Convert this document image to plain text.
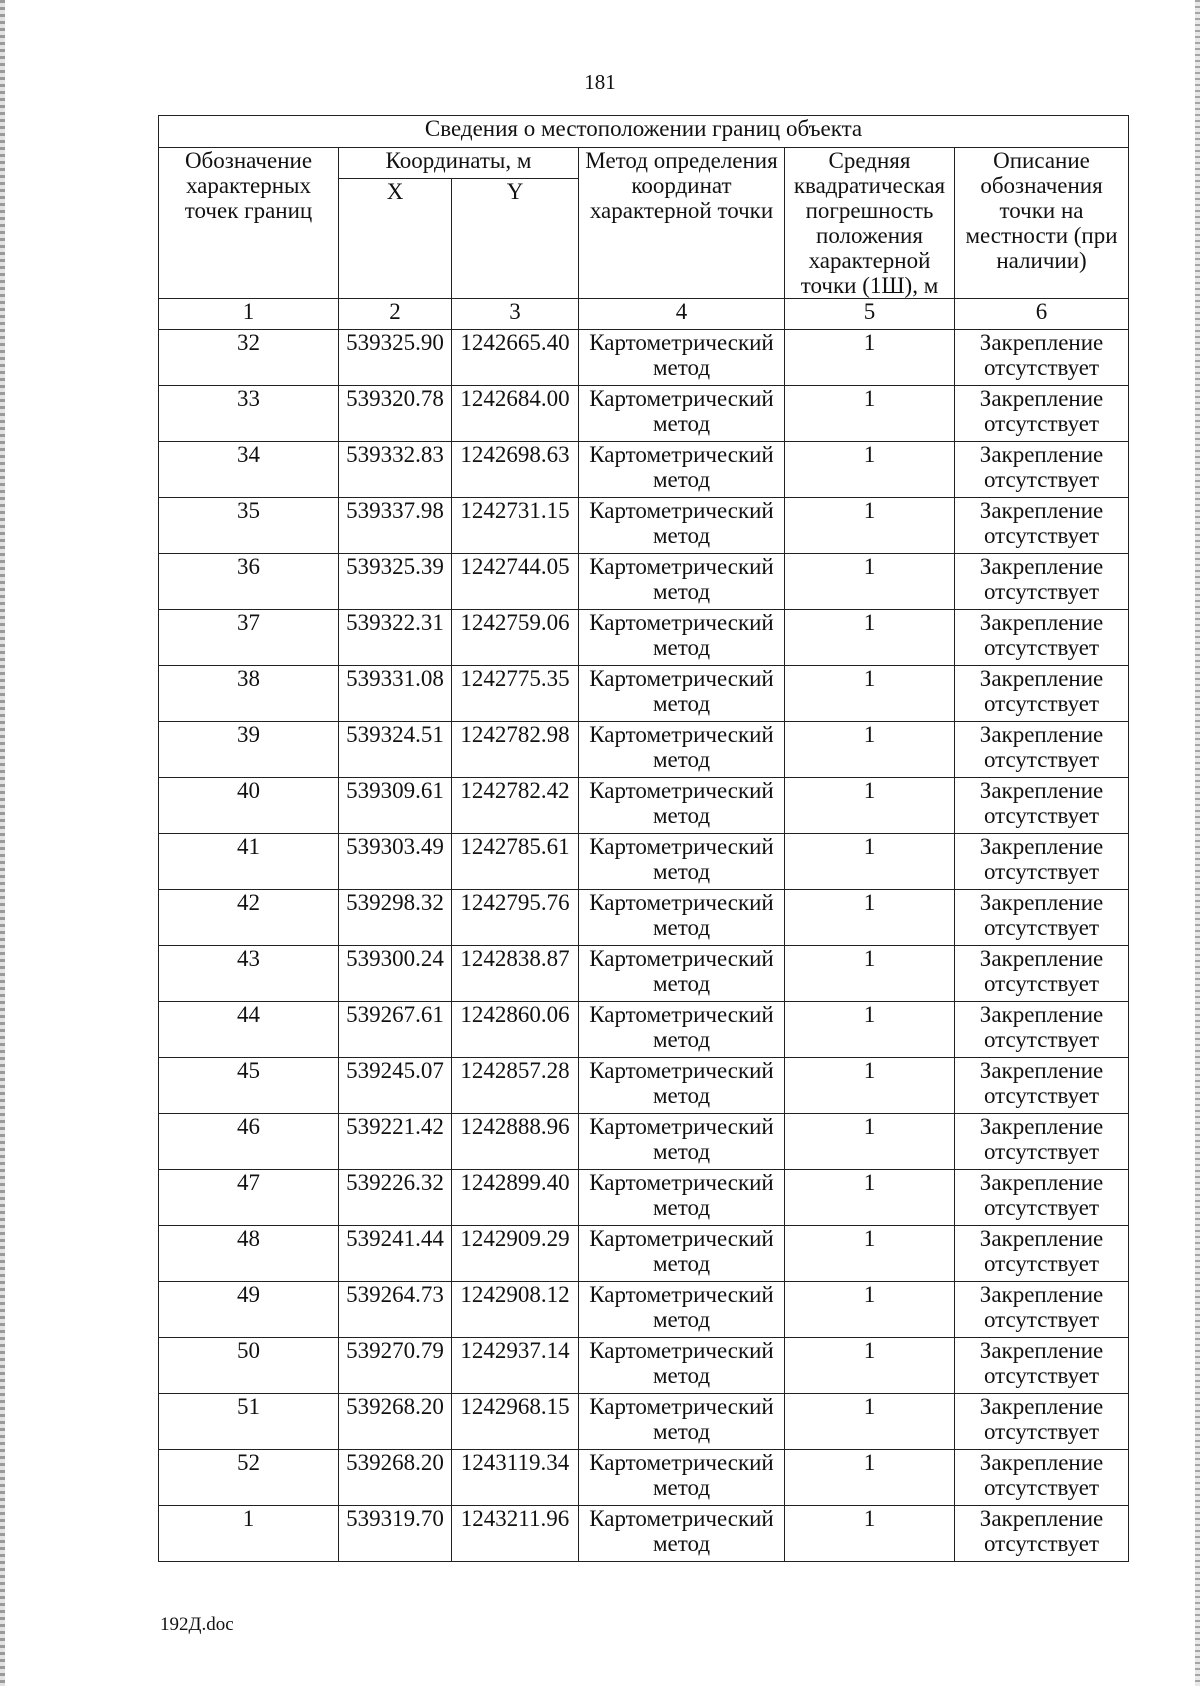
181
Сведения о местоположении границ объекта					
Обозначение характерных точек границ	Координаты, м		Метод определения координат характерной точки	Средняя квадратическая погрешность положения характерной точки (1Ш), м	Описание обозначения точки на местности (при наличии)
	X	Y			
1	2	3	4	5	6
32	539325.90	1242665.40	Картометрический метод	1	Закрепление отсутствует
33	539320.78	1242684.00	Картометрический метод	1	Закрепление отсутствует
34	539332.83	1242698.63	Картометрический метод	1	Закрепление отсутствует
35	539337.98	1242731.15	Картометрический метод	1	Закрепление отсутствует
36	539325.39	1242744.05	Картометрический метод	1	Закрепление отсутствует
37	539322.31	1242759.06	Картометрический метод	1	Закрепление отсутствует
38	539331.08	1242775.35	Картометрический метод	1	Закрепление отсутствует
39	539324.51	1242782.98	Картометрический метод	1	Закрепление отсутствует
40	539309.61	1242782.42	Картометрический метод	1	Закрепление отсутствует
41	539303.49	1242785.61	Картометрический метод	1	Закрепление отсутствует
42	539298.32	1242795.76	Картометрический метод	1	Закрепление отсутствует
43	539300.24	1242838.87	Картометрический метод	1	Закрепление отсутствует
44	539267.61	1242860.06	Картометрический метод	1	Закрепление отсутствует
45	539245.07	1242857.28	Картометрический метод	1	Закрепление отсутствует
46	539221.42	1242888.96	Картометрический метод	1	Закрепление отсутствует
47	539226.32	1242899.40	Картометрический метод	1	Закрепление отсутствует
48	539241.44	1242909.29	Картометрический метод	1	Закрепление отсутствует
49	539264.73	1242908.12	Картометрический метод	1	Закрепление отсутствует
50	539270.79	1242937.14	Картометрический метод	1	Закрепление отсутствует
51	539268.20	1242968.15	Картометрический метод	1	Закрепление отсутствует
52	539268.20	1243119.34	Картометрический метод	1	Закрепление отсутствует
1	539319.70	1243211.96	Картометрический метод	1	Закрепление отсутствует
192Д.doc
